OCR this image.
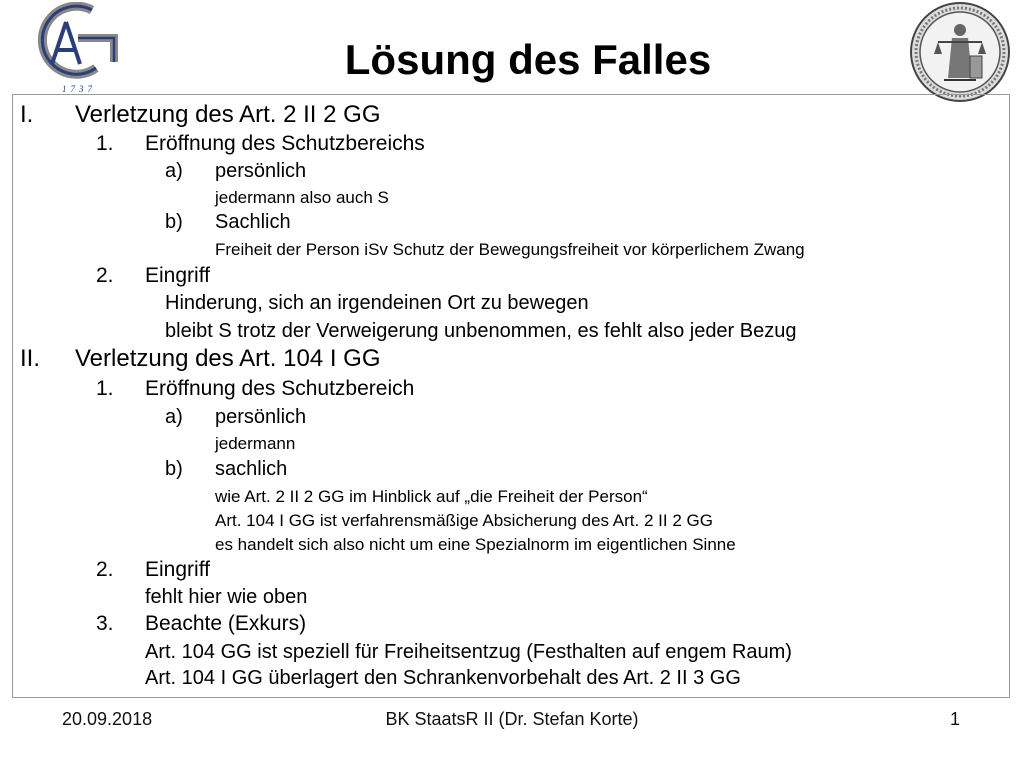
1737
Lösung des Falles
I. Verletzung des Art. 2 II 2 GG
1. Eröffnung des Schutzbereichs
a) persönlich
jedermann also auch S
b) Sachlich
Freiheit der Person iSv Schutz der Bewegungsfreiheit vor körperlichem Zwang
2. Eingriff
Hinderung, sich an irgendeinen Ort zu bewegen
bleibt S trotz der Verweigerung unbenommen, es fehlt also jeder Bezug
II. Verletzung des Art. 104 I GG
1. Eröffnung des Schutzbereich
a) persönlich
jedermann
b) sachlich
wie Art. 2 II 2 GG im Hinblick auf „die Freiheit der Person“
Art. 104 I GG ist verfahrensmäßige Absicherung des Art. 2 II 2 GG
es handelt sich also nicht um eine Spezialnorm im eigentlichen Sinne
2. Eingriff
fehlt hier wie oben
3. Beachte (Exkurs)
Art. 104 GG ist speziell für Freiheitsentzug (Festhalten auf engem Raum)
Art. 104 I GG überlagert den Schrankenvorbehalt des Art. 2 II 3 GG
20.09.2018	BK StaatsR II (Dr. Stefan Korte)	1
